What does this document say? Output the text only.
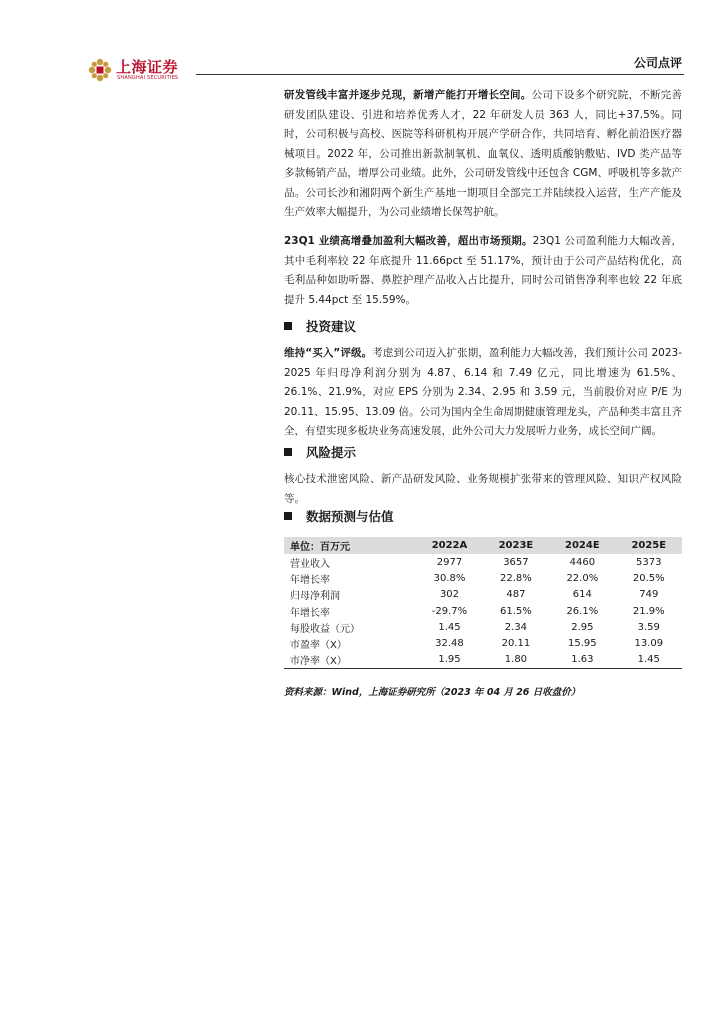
上海证券
SHANGHAI SECURITIES
公司点评

研发管线丰富并逐步兑现，新增产能打开增长空间。公司下设多个研究院，不断完善研发团队建设、引进和培养优秀人才，22 年研发人员 363 人，同比+37.5%。同时，公司积极与高校、医院等科研机构开展产学研合作，共同培育、孵化前沿医疗器械项目。2022 年，公司推出新款制氧机、血氧仪、透明质酸钠敷贴、IVD 类产品等多款畅销产品，增厚公司业绩。此外，公司研发管线中还包含 CGM、呼吸机等多款产品。公司长沙和湘阴两个新生产基地一期项目全部完工并陆续投入运营，生产产能及生产效率大幅提升，为公司业绩增长保驾护航。

23Q1 业绩高增叠加盈利大幅改善，超出市场预期。23Q1 公司盈利能力大幅改善，其中毛利率较 22 年底提升 11.66pct 至 51.17%，预计由于公司产品结构优化，高毛利品种如助听器、鼻腔护理产品收入占比提升，同时公司销售净利率也较 22 年底提升 5.44pct 至 15.59%。

投资建议

维持“买入”评级。考虑到公司迈入扩张期，盈利能力大幅改善，我们预计公司 2023-2025 年归母净利润分别为 4.87、6.14 和 7.49 亿元，同比增速为 61.5%、26.1%、21.9%，对应 EPS 分别为 2.34、2.95 和 3.59 元，当前股价对应 P/E 为 20.11、15.95、13.09 倍。公司为国内全生命周期健康管理龙头，产品种类丰富且齐全，有望实现多板块业务高速发展，此外公司大力发展听力业务，成长空间广阔。

风险提示

核心技术泄密风险、新产品研发风险、业务规模扩张带来的管理风险、知识产权风险等。

数据预测与估值
单位：百万元	2022A	2023E	2024E	2025E
营业收入	2977	3657	4460	5373
年增长率	30.8%	22.8%	22.0%	20.5%
归母净利润	302	487	614	749
年增长率	-29.7%	61.5%	26.1%	21.9%
每股收益（元）	1.45	2.34	2.95	3.59
市盈率（X）	32.48	20.11	15.95	13.09
市净率（X）	1.95	1.80	1.63	1.45
资料来源：Wind，上海证券研究所（2023 年 04 月 26 日收盘价）
